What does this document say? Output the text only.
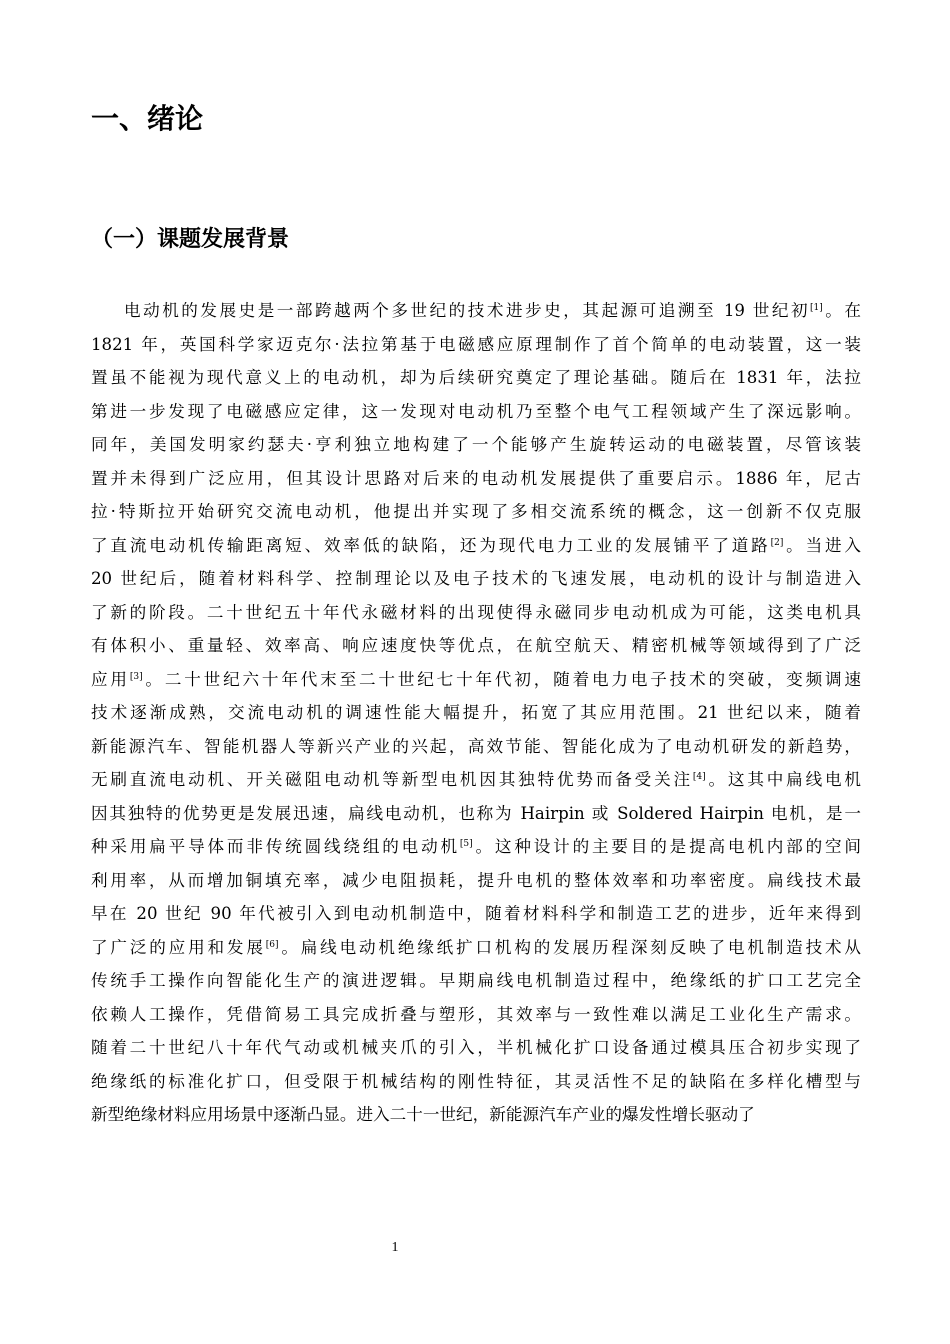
一、绪论
（一）课题发展背景
电动机的发展史是一部跨越两个多世纪的技术进步史，其起源可追溯至 19 世纪初[1]。在
1821 年，英国科学家迈克尔·法拉第基于电磁感应原理制作了首个简单的电动装置，这一装
置虽不能视为现代意义上的电动机，却为后续研究奠定了理论基础。随后在 1831 年，法拉
第进一步发现了电磁感应定律，这一发现对电动机乃至整个电气工程领域产生了深远影响。
同年，美国发明家约瑟夫·亨利独立地构建了一个能够产生旋转运动的电磁装置，尽管该装
置并未得到广泛应用，但其设计思路对后来的电动机发展提供了重要启示。1886 年，尼古
拉·特斯拉开始研究交流电动机，他提出并实现了多相交流系统的概念，这一创新不仅克服
了直流电动机传输距离短、效率低的缺陷，还为现代电力工业的发展铺平了道路[2]。当进入
20 世纪后，随着材料科学、控制理论以及电子技术的飞速发展，电动机的设计与制造进入
了新的阶段。二十世纪五十年代永磁材料的出现使得永磁同步电动机成为可能，这类电机具
有体积小、重量轻、效率高、响应速度快等优点，在航空航天、精密机械等领域得到了广泛
应用[3]。二十世纪六十年代末至二十世纪七十年代初，随着电力电子技术的突破，变频调速
技术逐渐成熟，交流电动机的调速性能大幅提升，拓宽了其应用范围。21 世纪以来，随着
新能源汽车、智能机器人等新兴产业的兴起，高效节能、智能化成为了电动机研发的新趋势，
无刷直流电动机、开关磁阻电动机等新型电机因其独特优势而备受关注[4]。这其中扁线电机
因其独特的优势更是发展迅速，扁线电动机，也称为 Hairpin 或 Soldered Hairpin 电机，是一
种采用扁平导体而非传统圆线绕组的电动机[5]。这种设计的主要目的是提高电机内部的空间
利用率，从而增加铜填充率，减少电阻损耗，提升电机的整体效率和功率密度。扁线技术最
早在 20 世纪 90 年代被引入到电动机制造中，随着材料科学和制造工艺的进步，近年来得到
了广泛的应用和发展[6]。扁线电动机绝缘纸扩口机构的发展历程深刻反映了电机制造技术从
传统手工操作向智能化生产的演进逻辑。早期扁线电机制造过程中，绝缘纸的扩口工艺完全
依赖人工操作，凭借简易工具完成折叠与塑形，其效率与一致性难以满足工业化生产需求。
随着二十世纪八十年代气动或机械夹爪的引入，半机械化扩口设备通过模具压合初步实现了
绝缘纸的标准化扩口，但受限于机械结构的刚性特征，其灵活性不足的缺陷在多样化槽型与
新型绝缘材料应用场景中逐渐凸显。进入二十一世纪，新能源汽车产业的爆发性增长驱动了
1
